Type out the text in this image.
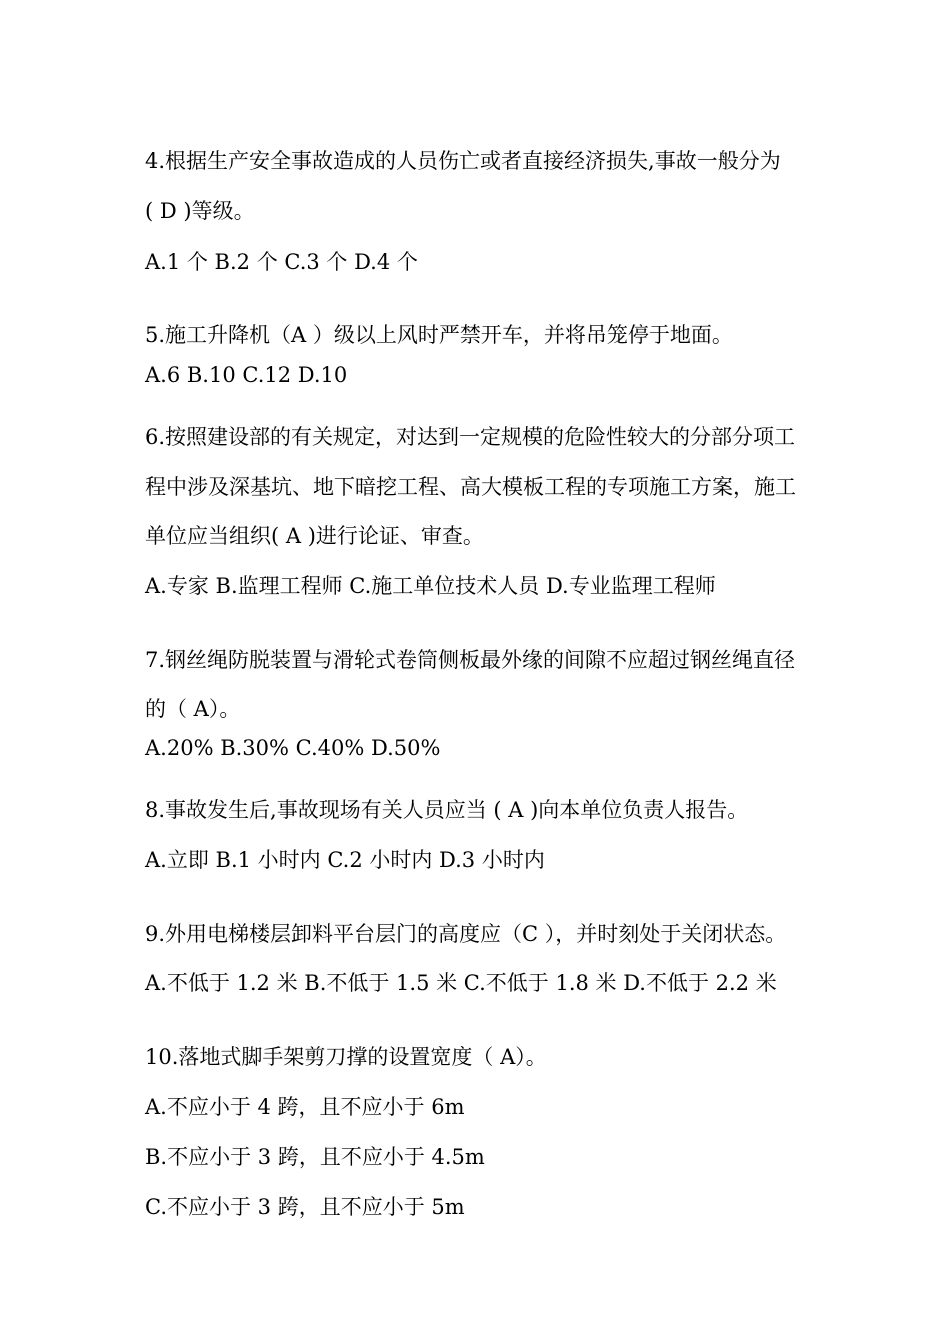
4.根据生产安全事故造成的人员伤亡或者直接经济损失,事故一般分为
( D )等级。
A.1 个 B.2 个 C.3 个 D.4 个
5.施工升降机（A ）级以上风时严禁开车，并将吊笼停于地面。
A.6 B.10 C.12 D.10
6.按照建设部的有关规定，对达到一定规模的危险性较大的分部分项工
程中涉及深基坑、地下暗挖工程、高大模板工程的专项施工方案，施工
单位应当组织( A )进行论证、审查。
A.专家 B.监理工程师 C.施工单位技术人员 D.专业监理工程师
7.钢丝绳防脱装置与滑轮式卷筒侧板最外缘的间隙不应超过钢丝绳直径
的（ A）。
A.20% B.30% C.40% D.50%
8.事故发生后,事故现场有关人员应当 ( A )向本单位负责人报告。
A.立即 B.1 小时内 C.2 小时内 D.3 小时内
9.外用电梯楼层卸料平台层门的高度应（C ），并时刻处于关闭状态。
A.不低于 1.2 米 B.不低于 1.5 米 C.不低于 1.8 米 D.不低于 2.2 米
10.落地式脚手架剪刀撑的设置宽度（ A）。
A.不应小于 4 跨，且不应小于 6m
B.不应小于 3 跨，且不应小于 4.5m
C.不应小于 3 跨，且不应小于 5m
